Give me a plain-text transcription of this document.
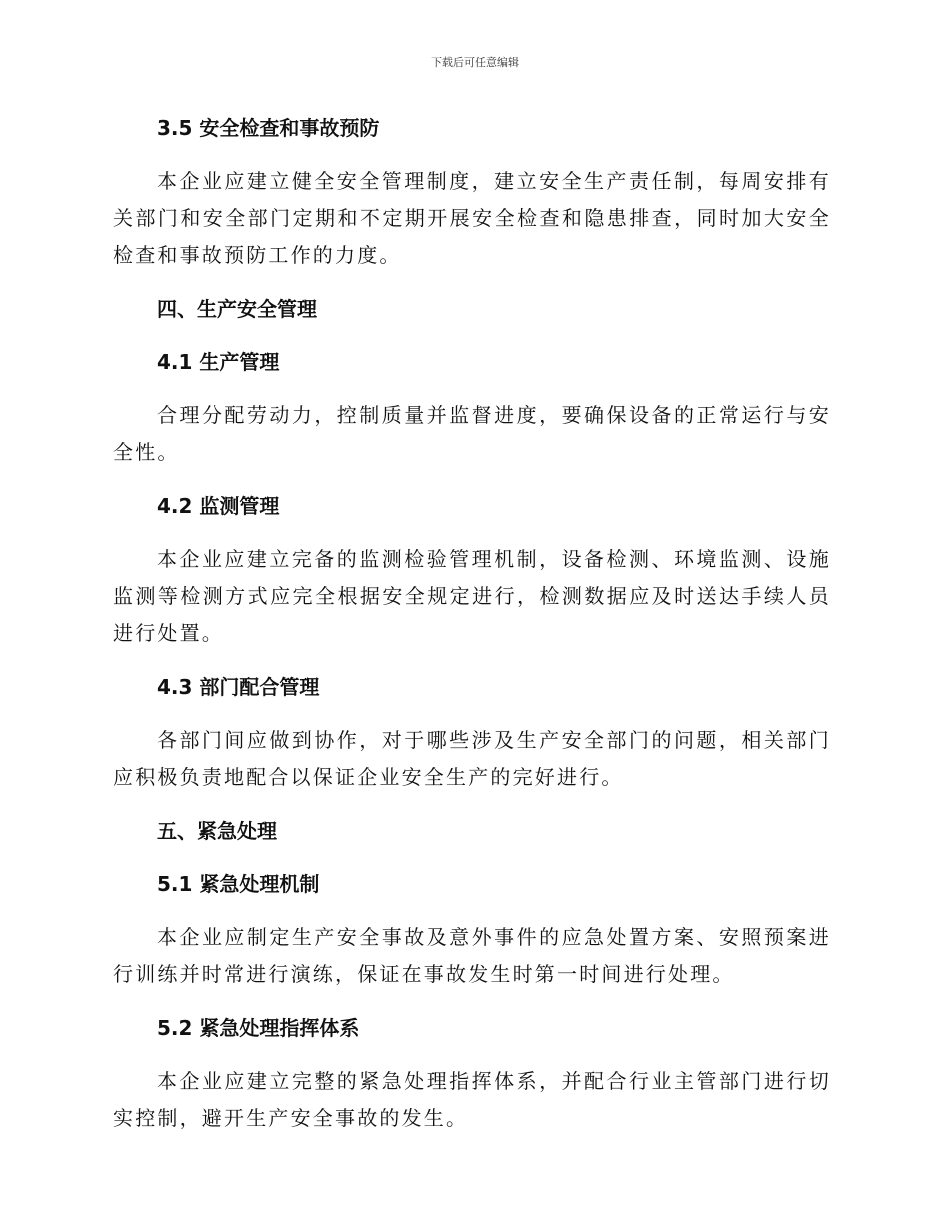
下载后可任意编辑
3.5 安全检查和事故预防

本企业应建立健全安全管理制度，建立安全生产责任制，每周安排有关部门和安全部门定期和不定期开展安全检查和隐患排查，同时加大安全检查和事故预防工作的力度。

四、生产安全管理
4.1 生产管理

合理分配劳动力，控制质量并监督进度，要确保设备的正常运行与安全性。

4.2 监测管理

本企业应建立完备的监测检验管理机制，设备检测、环境监测、设施监测等检测方式应完全根据安全规定进行，检测数据应及时送达手续人员进行处置。

4.3 部门配合管理

各部门间应做到协作，对于哪些涉及生产安全部门的问题，相关部门应积极负责地配合以保证企业安全生产的完好进行。

五、紧急处理
5.1 紧急处理机制

本企业应制定生产安全事故及意外事件的应急处置方案、安照预案进行训练并时常进行演练，保证在事故发生时第一时间进行处理。

5.2 紧急处理指挥体系

本企业应建立完整的紧急处理指挥体系，并配合行业主管部门进行切实控制，避开生产安全事故的发生。
